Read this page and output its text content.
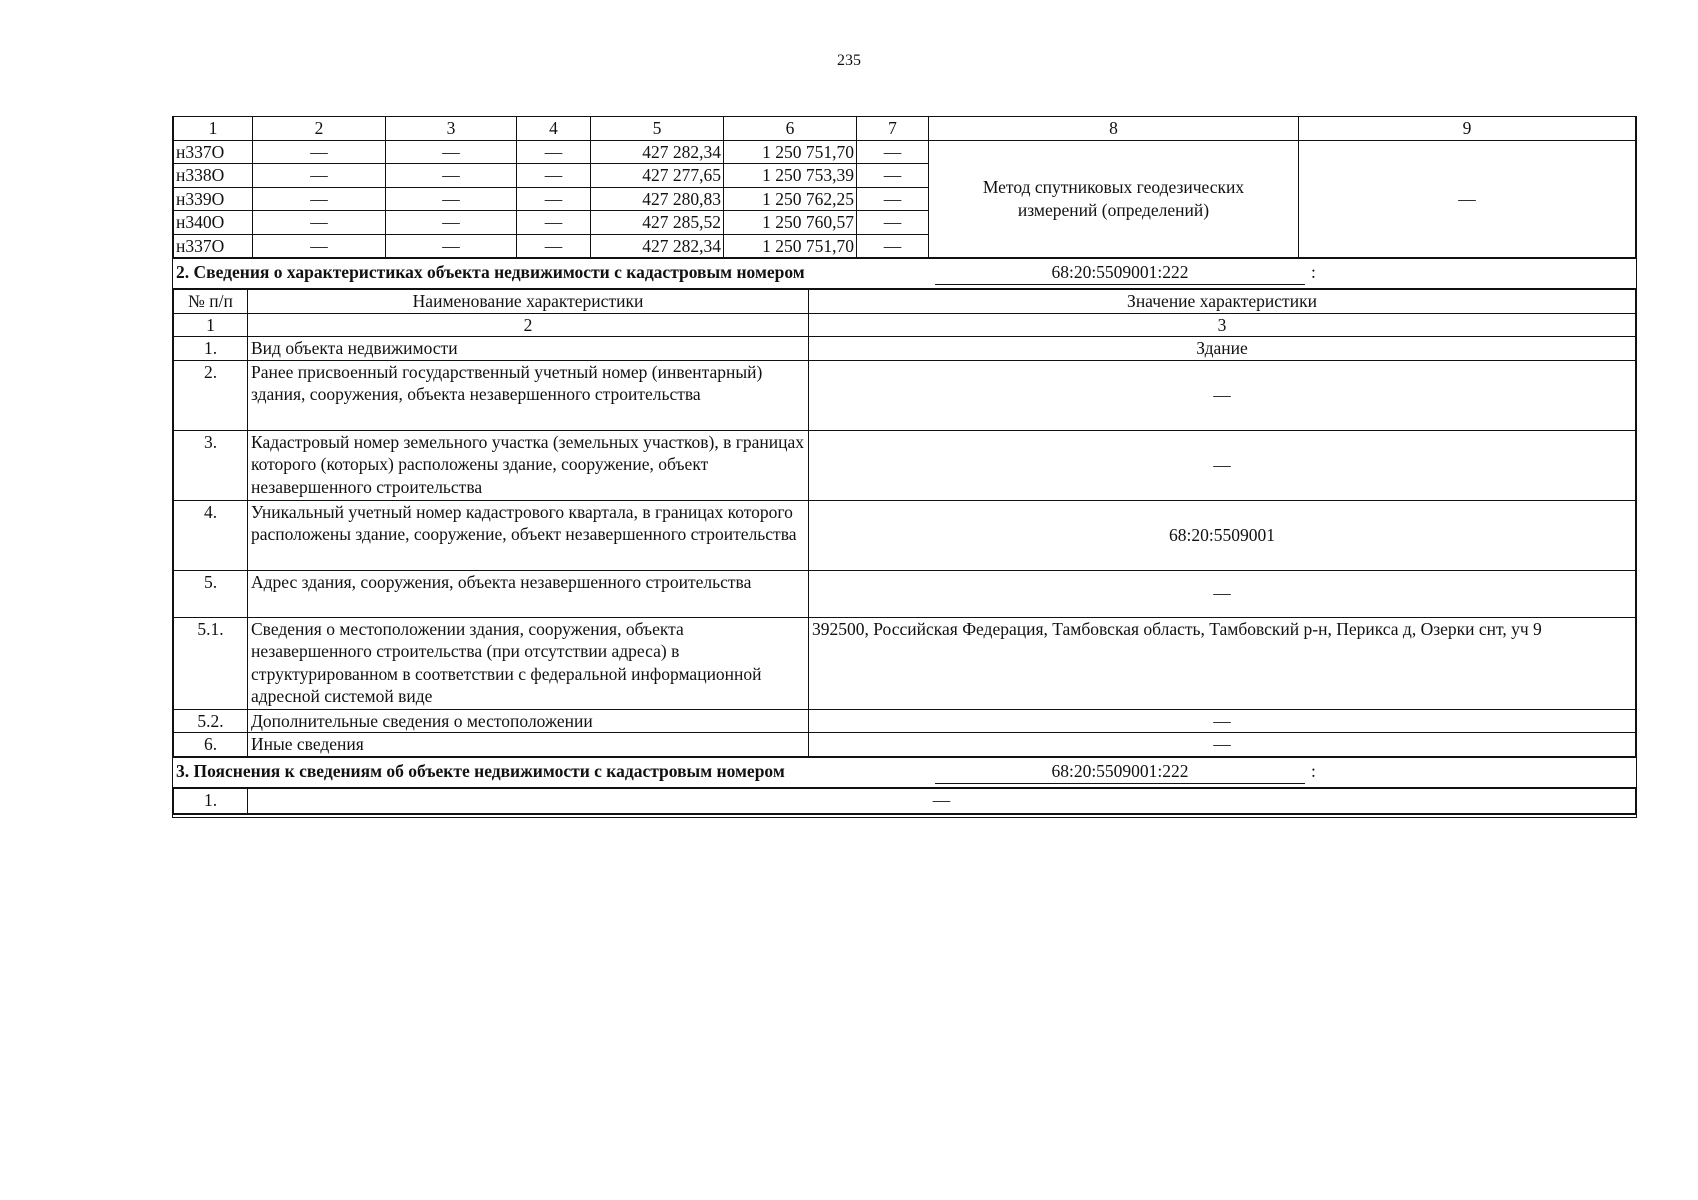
235
1	2	3	4	5	6	7	8	9
н337О	—	—	—	427 282,34	1 250 751,70	—	Метод спутниковых геодезических измерений (определений)	—
н338О	—	—	—	427 277,65	1 250 753,39	—		
н339О	—	—	—	427 280,83	1 250 762,25	—		
н340О	—	—	—	427 285,52	1 250 760,57	—		
н337О	—	—	—	427 282,34	1 250 751,70	—		
2. Сведения о характеристиках объекта недвижимости с кадастровым номером	68:20:5509001:222	:
№ п/п	Наименование характеристики	Значение характеристики
1	2	3
1.	Вид объекта недвижимости	Здание
2.	Ранее присвоенный государственный учетный номер (инвентарный) здания, сооружения, объекта незавершенного строительства	—
3.	Кадастровый номер земельного участка (земельных участков), в границах которого (которых) расположены здание, сооружение, объект незавершенного строительства	—
4.	Уникальный учетный номер кадастрового квартала, в границах которого расположены здание, сооружение, объект незавершенного строительства	68:20:5509001
5.	Адрес здания, сооружения, объекта незавершенного строительства	—
5.1.	Сведения о местоположении здания, сооружения, объекта незавершенного строительства (при отсутствии адреса) в структурированном в соответствии с федеральной информационной адресной системой виде	392500, Российская Федерация, Тамбовская область, Тамбовский р-н, Перикса д, Озерки снт, уч 9
5.2.	Дополнительные сведения о местоположении	—
6.	Иные сведения	—
3. Пояснения к сведениям об объекте недвижимости с кадастровым номером	68:20:5509001:222	:
1.	—
